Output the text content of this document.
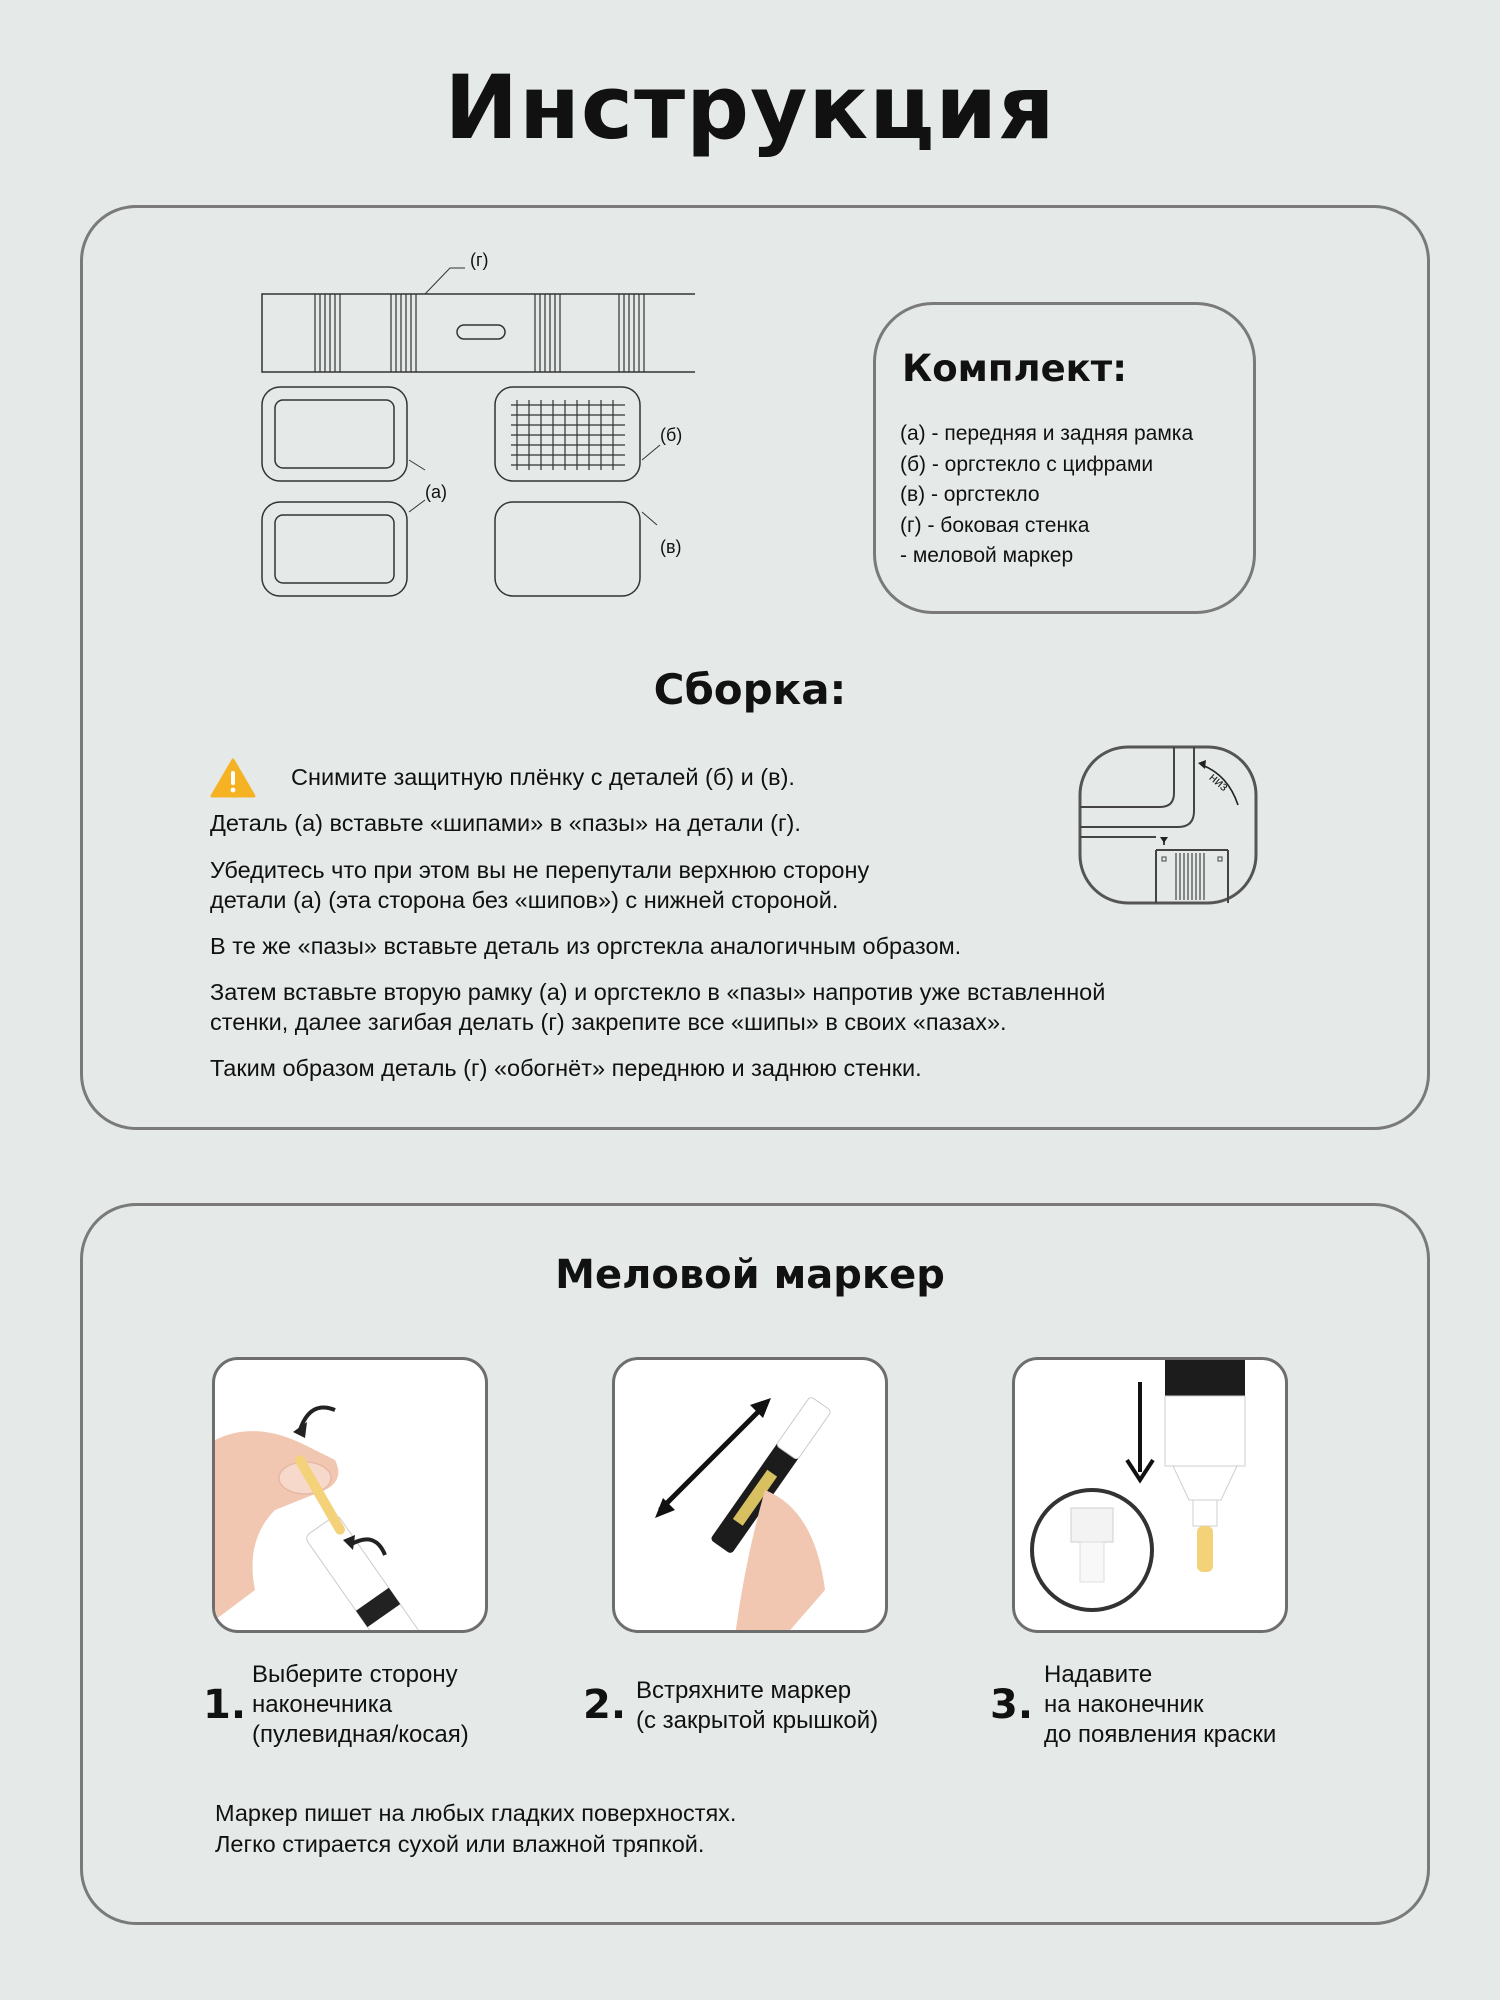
Инструкция
(г)
(а)
(б)
(в)
Комплект:
(а) - передняя и задняя рамка
(б) - оргстекло с цифрами
(в) - оргстекло
(г) - боковая стенка
- меловой маркер
Сборка:
Снимите защитную плёнку с деталей (б) и (в).
Деталь (а) вставьте «шипами» в «пазы» на детали (г).
Убедитесь что при этом вы не перепутали верхнюю сторону
детали (а) (эта сторона без «шипов») с нижней стороной.
В те же «пазы» вставьте деталь из оргстекла аналогичным образом.
Затем вставьте вторую рамку (а) и оргстекло в «пазы» напротив уже вставленной
стенки, далее загибая делать (г) закрепите все «шипы» в своих «пазах».
Таким образом деталь (г) «обогнёт» переднюю и заднюю стенки.
низ
Меловой маркер
1.
Выберите сторону
наконечника
(пулевидная/косая)
2. Встряхните маркер
(с закрытой крышкой)	3.
Надавите
на наконечник
до появления краски
Маркер пишет на любых гладких поверхностях.
Легко стирается сухой или влажной тряпкой.
